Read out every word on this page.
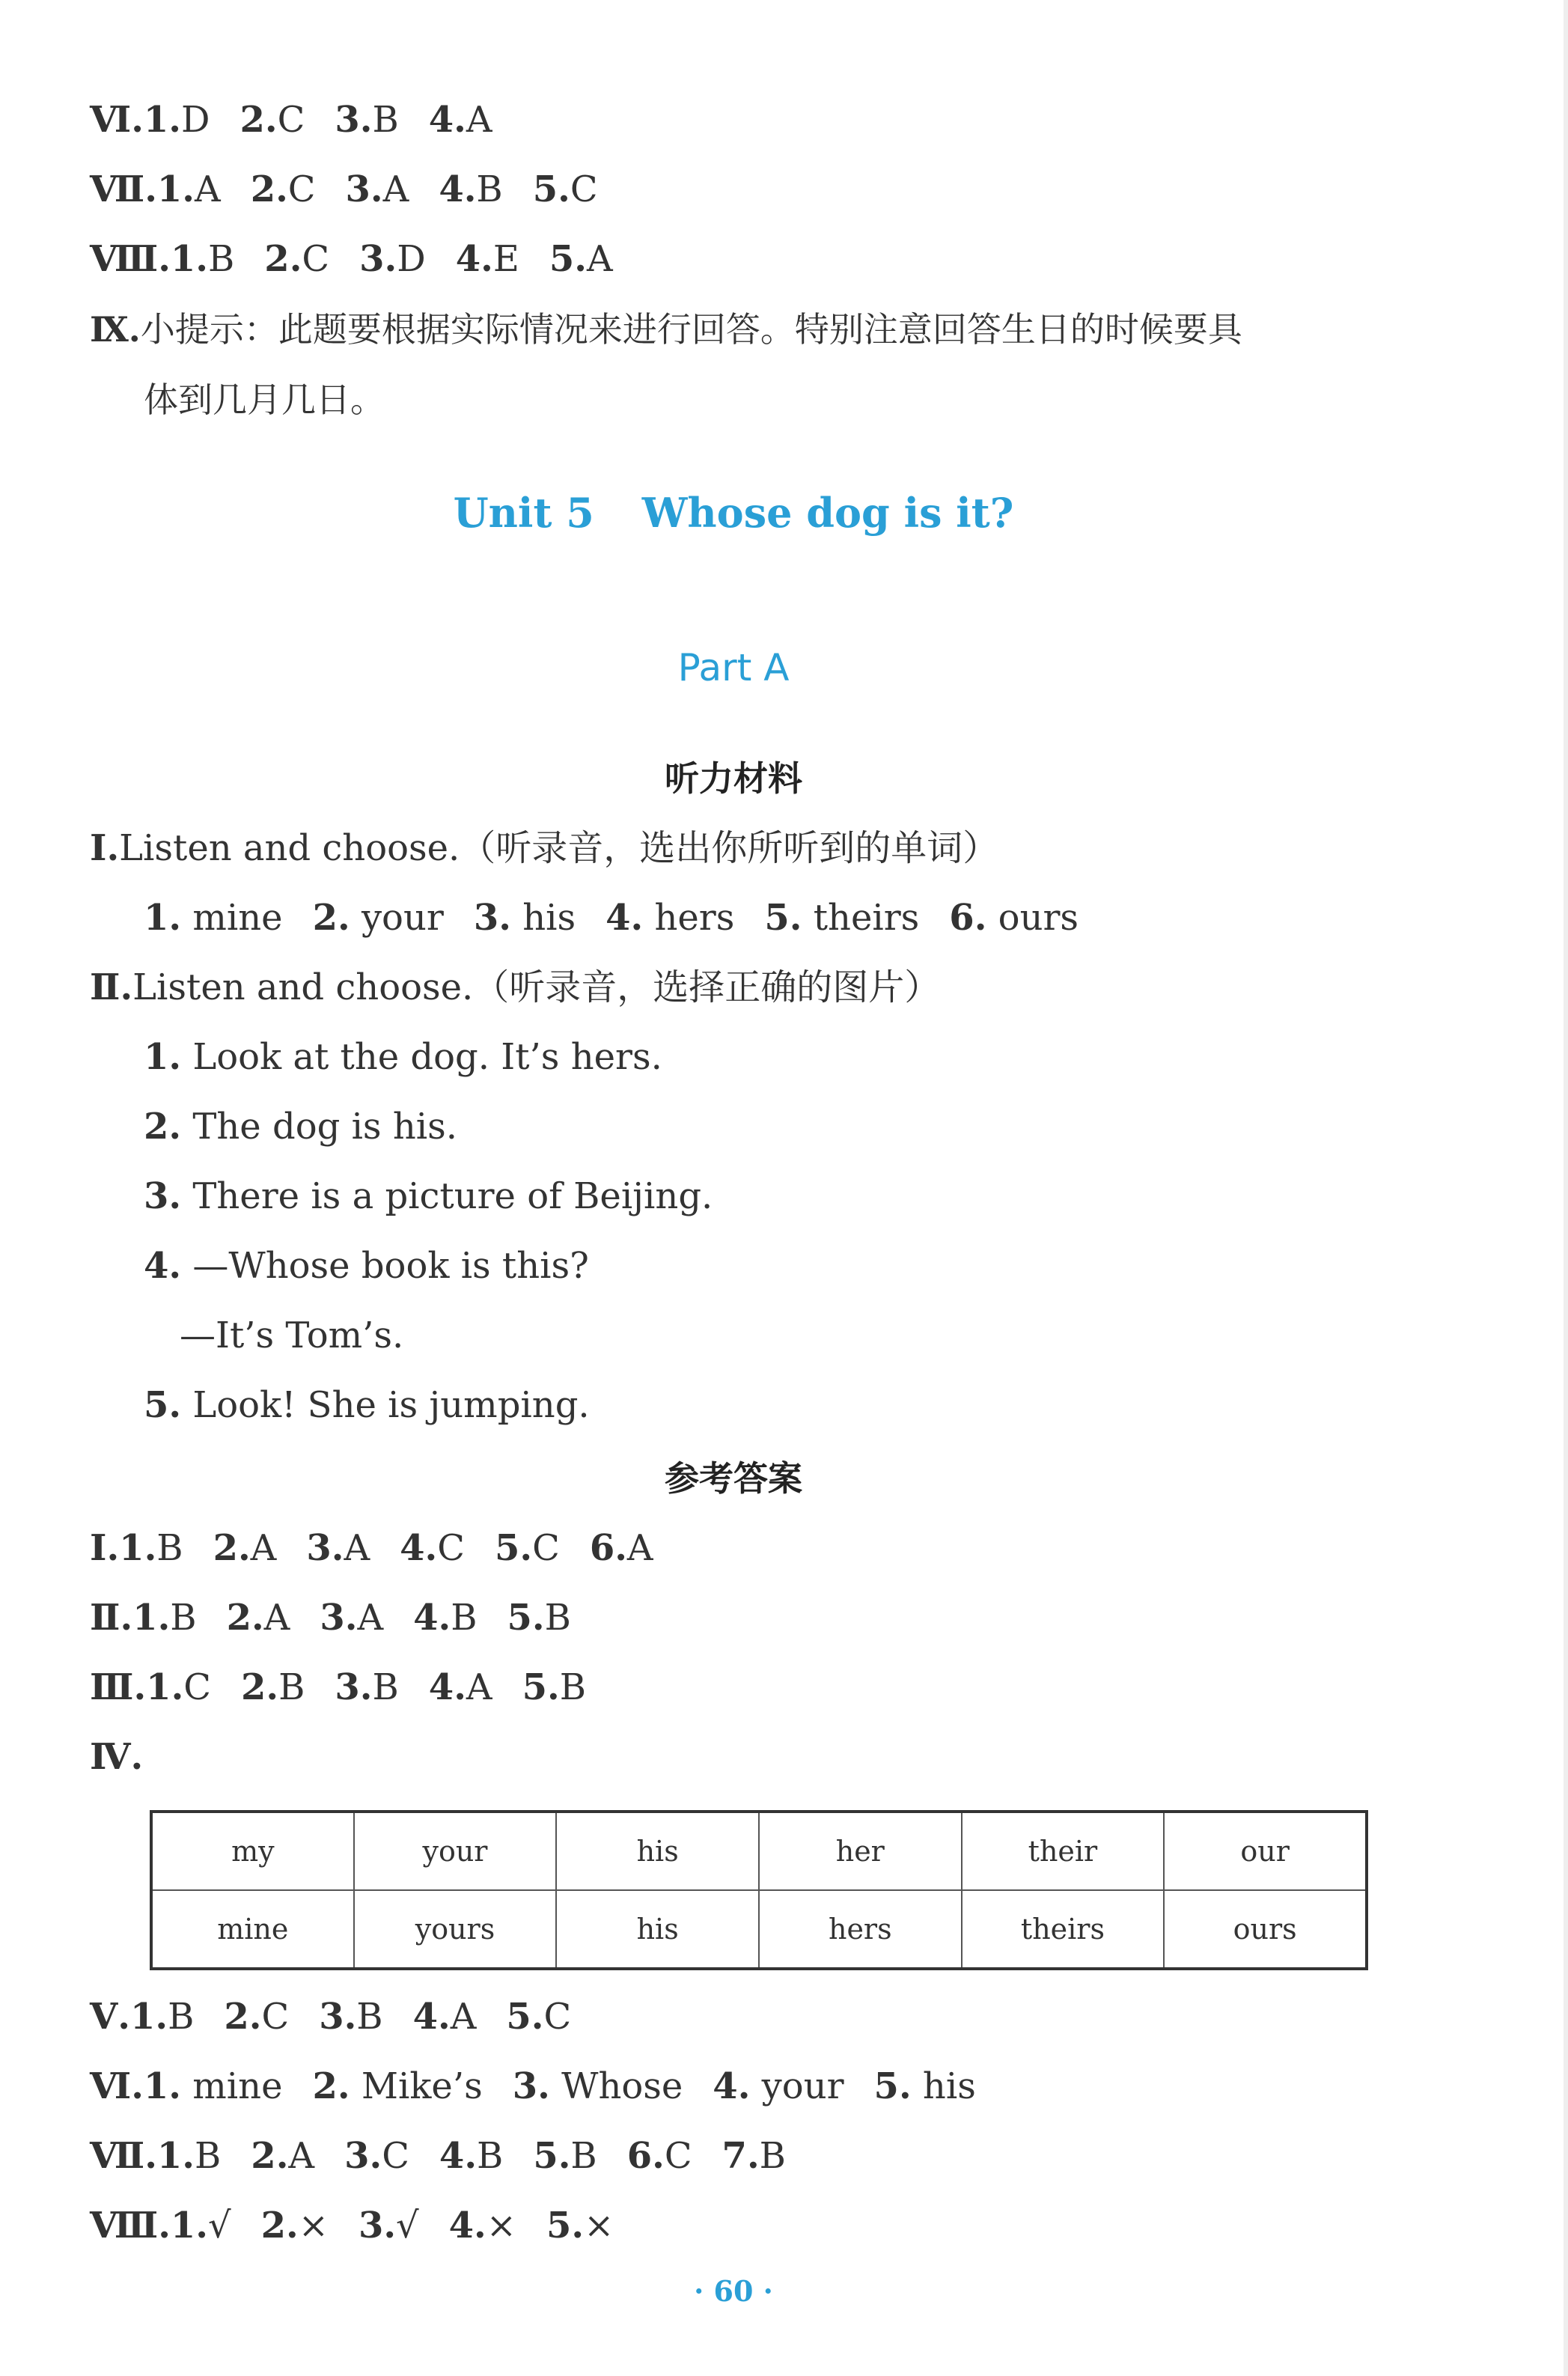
Ⅵ.1.D 2.C 3.B 4.A
Ⅶ.1.A 2.C 3.A 4.B 5.C
Ⅷ.1.B 2.C 3.D 4.E 5.A
Ⅸ.小提示：此题要根据实际情况来进行回答。特别注意回答生日的时候要具
体到几月几日。
Unit 5 Whose dog is it?
Part A
听力材料
Ⅰ.Listen and choose.（听录音，选出你所听到的单词）
1. mine 2. your 3. his 4. hers 5. theirs 6. ours
Ⅱ.Listen and choose.（听录音，选择正确的图片）
1. Look at the dog. It’s hers.
2. The dog is his.
3. There is a picture of Beijing.
4. —Whose book is this?
—It’s Tom’s.
5. Look! She is jumping.
参考答案
Ⅰ.1.B 2.A 3.A 4.C 5.C 6.A
Ⅱ.1.B 2.A 3.A 4.B 5.B
Ⅲ.1.C 2.B 3.B 4.A 5.B
Ⅳ.
my	your	his	her	their	our
mine	yours	his	hers	theirs	ours
Ⅴ.1.B 2.C 3.B 4.A 5.C
Ⅵ.1. mine 2. Mike’s 3. Whose 4. your 5. his
Ⅶ.1.B 2.A 3.C 4.B 5.B 6.C 7.B
Ⅷ.1.√ 2.× 3.√ 4.× 5.×
· 60 ·
